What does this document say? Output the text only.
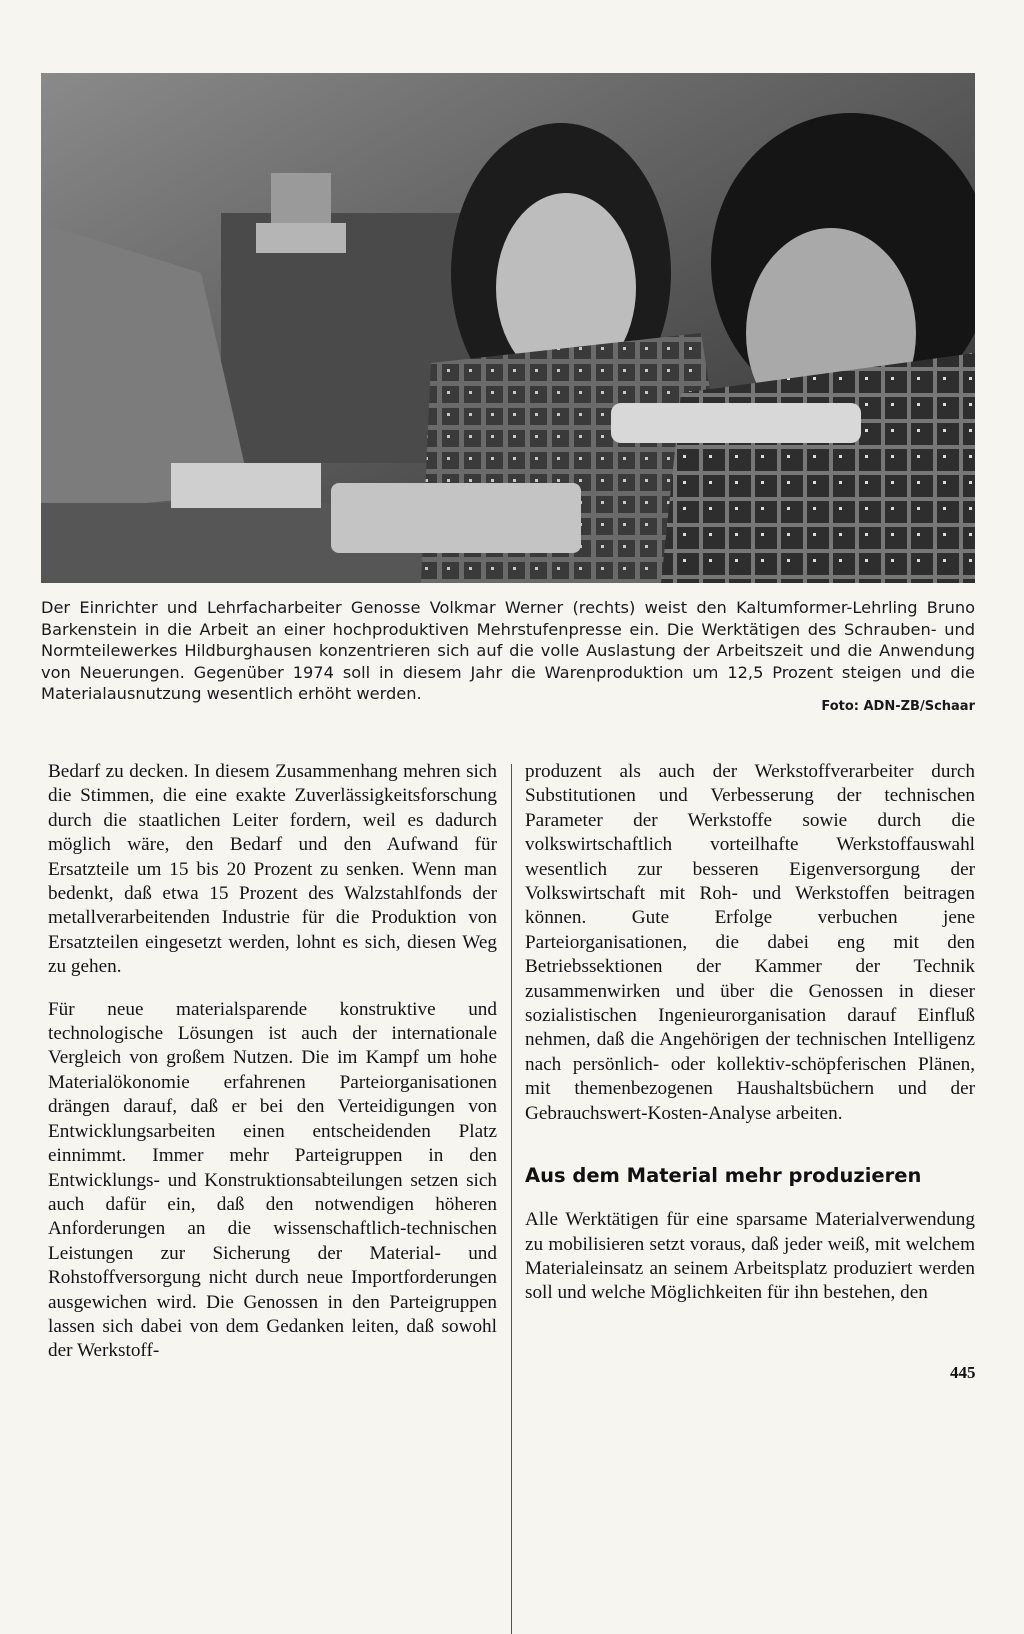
Der Einrichter und Lehrfacharbeiter Genosse Volkmar Werner (rechts) weist den Kaltumformer-Lehrling Bruno Barkenstein in die Arbeit an einer hochproduktiven Mehrstufenpresse ein. Die Werktätigen des Schrauben- und Normteilewerkes Hildburghausen konzentrieren sich auf die volle Auslastung der Arbeitszeit und die Anwendung von Neuerungen. Gegenüber 1974 soll in diesem Jahr die Warenproduktion um 12,5 Prozent steigen und die Materialausnutzung wesentlich erhöht werden.

Foto: ADN-ZB/Schaar

Bedarf zu decken. In diesem Zusammenhang mehren sich die Stimmen, die eine exakte Zuverlässigkeitsforschung durch die staatlichen Leiter fordern, weil es dadurch möglich wäre, den Bedarf und den Aufwand für Ersatzteile um 15 bis 20 Prozent zu senken. Wenn man bedenkt, daß etwa 15 Prozent des Walzstahlfonds der metallverarbeitenden Industrie für die Produktion von Ersatzteilen eingesetzt werden, lohnt es sich, diesen Weg zu gehen.

Für neue materialsparende konstruktive und technologische Lösungen ist auch der internationale Vergleich von großem Nutzen. Die im Kampf um hohe Materialökonomie erfahrenen Parteiorganisationen drängen darauf, daß er bei den Verteidigungen von Entwicklungsarbeiten einen entscheidenden Platz einnimmt. Immer mehr Parteigruppen in den Entwicklungs- und Konstruktionsabteilungen setzen sich auch dafür ein, daß den notwendigen höheren Anforderungen an die wissenschaftlich-technischen Leistungen zur Sicherung der Material- und Rohstoffversorgung nicht durch neue Importforderungen ausgewichen wird. Die Genossen in den Parteigruppen lassen sich dabei von dem Gedanken leiten, daß sowohl der Werkstoff-

produzent als auch der Werkstoffverarbeiter durch Substitutionen und Verbesserung der technischen Parameter der Werkstoffe sowie durch die volkswirtschaftlich vorteilhafte Werkstoffauswahl wesentlich zur besseren Eigenversorgung der Volkswirtschaft mit Roh- und Werkstoffen beitragen können. Gute Erfolge verbuchen jene Parteiorganisationen, die dabei eng mit den Betriebssektionen der Kammer der Technik zusammenwirken und über die Genossen in dieser sozialistischen Ingenieurorganisation darauf Einfluß nehmen, daß die Angehörigen der technischen Intelligenz nach persönlich- oder kollektiv-schöpferischen Plänen, mit themenbezogenen Haushaltsbüchern und der Gebrauchswert-Kosten-Analyse arbeiten.

Aus dem Material mehr produzieren

Alle Werktätigen für eine sparsame Materialverwendung zu mobilisieren setzt voraus, daß jeder weiß, mit welchem Materialeinsatz an seinem Arbeitsplatz produziert werden soll und welche Möglichkeiten für ihn bestehen, den

445
